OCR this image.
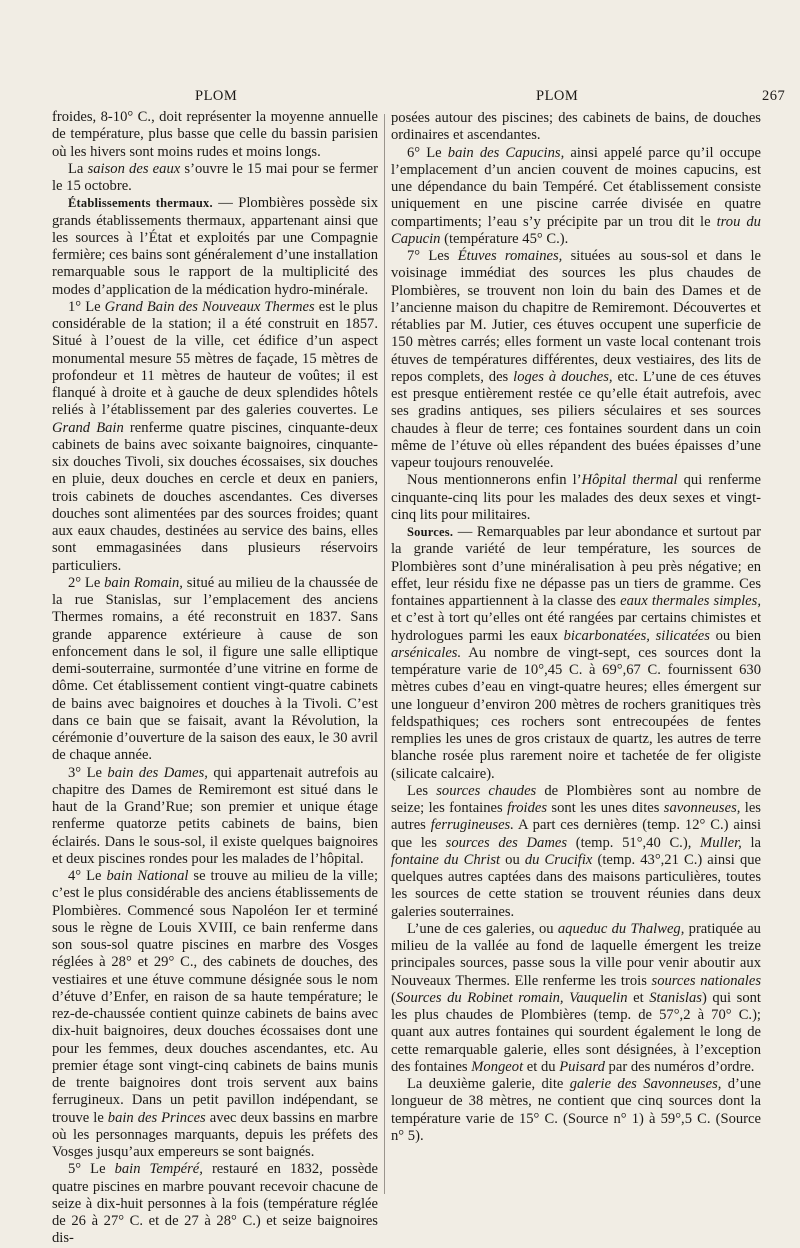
PLOM	PLOM	267

froides, 8-10° C., doit représenter la moyenne annuelle de température, plus basse que celle du bassin parisien où les hivers sont moins rudes et moins longs.

La saison des eaux s’ouvre le 15 mai pour se fermer le 15 octobre.

Établissements thermaux. — Plombières possède six grands établissements thermaux, appartenant ainsi que les sources à l’État et exploités par une Compagnie fermière; ces bains sont généralement d’une installation remarquable sous le rapport de la multiplicité des modes d’application de la médication hydro-minérale.

1° Le Grand Bain des Nouveaux Thermes est le plus considérable de la station; il a été construit en 1857. Situé à l’ouest de la ville, cet édifice d’un aspect monumental mesure 55 mètres de façade, 15 mètres de profondeur et 11 mètres de hauteur de voûtes; il est flanqué à droite et à gauche de deux splendides hôtels reliés à l’établissement par des galeries couvertes. Le Grand Bain renferme quatre piscines, cinquante-deux cabinets de bains avec soixante baignoires, cinquante-six douches Tivoli, six douches écossaises, six douches en pluie, deux douches en cercle et deux en paniers, trois cabinets de douches ascendantes. Ces diverses douches sont alimentées par des sources froides; quant aux eaux chaudes, destinées au service des bains, elles sont emmagasinées dans plusieurs réservoirs particuliers.

2° Le bain Romain, situé au milieu de la chaussée de la rue Stanislas, sur l’emplacement des anciens Thermes romains, a été reconstruit en 1837. Sans grande apparence extérieure à cause de son enfoncement dans le sol, il figure une salle elliptique demi-souterraine, surmontée d’une vitrine en forme de dôme. Cet établissement contient vingt-quatre cabinets de bains avec baignoires et douches à la Tivoli. C’est dans ce bain que se faisait, avant la Révolution, la cérémonie d’ouverture de la saison des eaux, le 30 avril de chaque année.

3° Le bain des Dames, qui appartenait autrefois au chapitre des Dames de Remiremont est situé dans le haut de la Grand’Rue; son premier et unique étage renferme quatorze petits cabinets de bains, bien éclairés. Dans le sous-sol, il existe quelques baignoires et deux piscines rondes pour les malades de l’hôpital.

4° Le bain National se trouve au milieu de la ville; c’est le plus considérable des anciens établissements de Plombières. Commencé sous Napoléon Ier et terminé sous le règne de Louis XVIII, ce bain renferme dans son sous-sol quatre piscines en marbre des Vosges réglées à 28° et 29° C., des cabinets de douches, des vestiaires et une étuve commune désignée sous le nom d’étuve d’Enfer, en raison de sa haute température; le rez-de-chaussée contient quinze cabinets de bains avec dix-huit baignoires, deux douches écossaises dont une pour les femmes, deux douches ascendantes, etc. Au premier étage sont vingt-cinq cabinets de bains munis de trente baignoires dont trois servent aux bains ferrugineux. Dans un petit pavillon indépendant, se trouve le bain des Princes avec deux bassins en marbre où les personnages marquants, depuis les préfets des Vosges jusqu’aux empereurs se sont baignés.

5° Le bain Tempéré, restauré en 1832, possède quatre piscines en marbre pouvant recevoir chacune de seize à dix-huit personnes à la fois (température réglée de 26 à 27° C. et de 27 à 28° C.) et seize baignoires dis-

posées autour des piscines; des cabinets de bains, de douches ordinaires et ascendantes.

6° Le bain des Capucins, ainsi appelé parce qu’il occupe l’emplacement d’un ancien couvent de moines capucins, est une dépendance du bain Tempéré. Cet établissement consiste uniquement en une piscine carrée divisée en quatre compartiments; l’eau s’y précipite par un trou dit le trou du Capucin (température 45° C.).

7° Les Étuves romaines, situées au sous-sol et dans le voisinage immédiat des sources les plus chaudes de Plombières, se trouvent non loin du bain des Dames et de l’ancienne maison du chapitre de Remiremont. Découvertes et rétablies par M. Jutier, ces étuves occupent une superficie de 150 mètres carrés; elles forment un vaste local contenant trois étuves de températures différentes, deux vestiaires, des lits de repos complets, des loges à douches, etc. L’une de ces étuves est presque entièrement restée ce qu’elle était autrefois, avec ses gradins antiques, ses piliers séculaires et ses sources chaudes à fleur de terre; ces fontaines sourdent dans un coin même de l’étuve où elles répandent des buées épaisses d’une vapeur toujours renouvelée.

Nous mentionnerons enfin l’Hôpital thermal qui renferme cinquante-cinq lits pour les malades des deux sexes et vingt-cinq lits pour militaires.

Sources. — Remarquables par leur abondance et surtout par la grande variété de leur température, les sources de Plombières sont d’une minéralisation à peu près négative; en effet, leur résidu fixe ne dépasse pas un tiers de gramme. Ces fontaines appartiennent à la classe des eaux thermales simples, et c’est à tort qu’elles ont été rangées par certains chimistes et hydrologues parmi les eaux bicarbonatées, silicatées ou bien arsénicales. Au nombre de vingt-sept, ces sources dont la température varie de 10°,45 C. à 69°,67 C. fournissent 630 mètres cubes d’eau en vingt-quatre heures; elles émergent sur une longueur d’environ 200 mètres de rochers granitiques très feldspathiques; ces rochers sont entrecoupées de fentes remplies les unes de gros cristaux de quartz, les autres de terre blanche rosée plus rarement noire et tachetée de fer oligiste (silicate calcaire).

Les sources chaudes de Plombières sont au nombre de seize; les fontaines froides sont les unes dites savonneuses, les autres ferrugineuses. A part ces dernières (temp. 12° C.) ainsi que les sources des Dames (temp. 51°,40 C.), Muller, la fontaine du Christ ou du Crucifix (temp. 43°,21 C.) ainsi que quelques autres captées dans des maisons particulières, toutes les sources de cette station se trouvent réunies dans deux galeries souterraines.

L’une de ces galeries, ou aqueduc du Thalweg, pratiquée au milieu de la vallée au fond de laquelle émergent les treize principales sources, passe sous la ville pour venir aboutir aux Nouveaux Thermes. Elle renferme les trois sources nationales (Sources du Robinet romain, Vauquelin et Stanislas) qui sont les plus chaudes de Plombières (temp. de 57°,2 à 70° C.); quant aux autres fontaines qui sourdent également le long de cette remarquable galerie, elles sont désignées, à l’exception des fontaines Mongeot et du Puisard par des numéros d’ordre.

La deuxième galerie, dite galerie des Savonneuses, d’une longueur de 38 mètres, ne contient que cinq sources dont la température varie de 15° C. (Source n° 1) à 59°,5 C. (Source n° 5).
